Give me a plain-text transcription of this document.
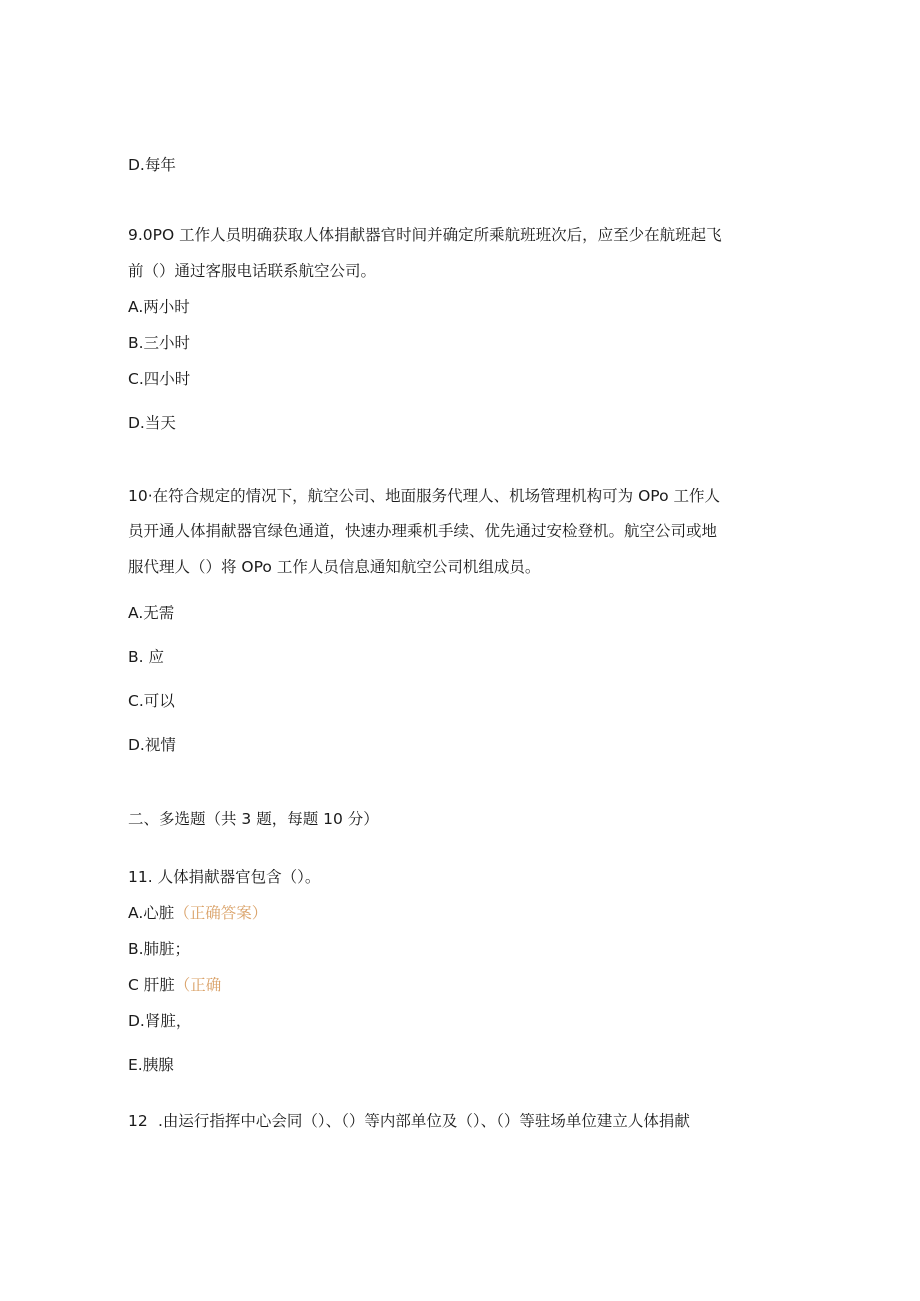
D.每年
9.0PO 工作人员明确获取人体捐献器官时间并确定所乘航班班次后，应至少在航班起飞
前（）通过客服电话联系航空公司。
A.两小时
B.三小时
C.四小时
D.当天
10·在符合规定的情况下，航空公司、地面服务代理人、机场管理机构可为 OPo 工作人
员开通人体捐献器官绿色通道，快速办理乘机手续、优先通过安检登机。航空公司或地
服代理人（）将 OPo 工作人员信息通知航空公司机组成员。
A.无需
B. 应
C.可以
D.视情
二、多选题（共 3 题，每题 10 分）
11. 人体捐献器官包含（）。
A.心脏（正确答案）
B.肺脏；
C 肝脏（正确
D.肾脏，
E.胰腺
12 .由运行指挥中心会同（）、（）等内部单位及（）、（）等驻场单位建立人体捐献
